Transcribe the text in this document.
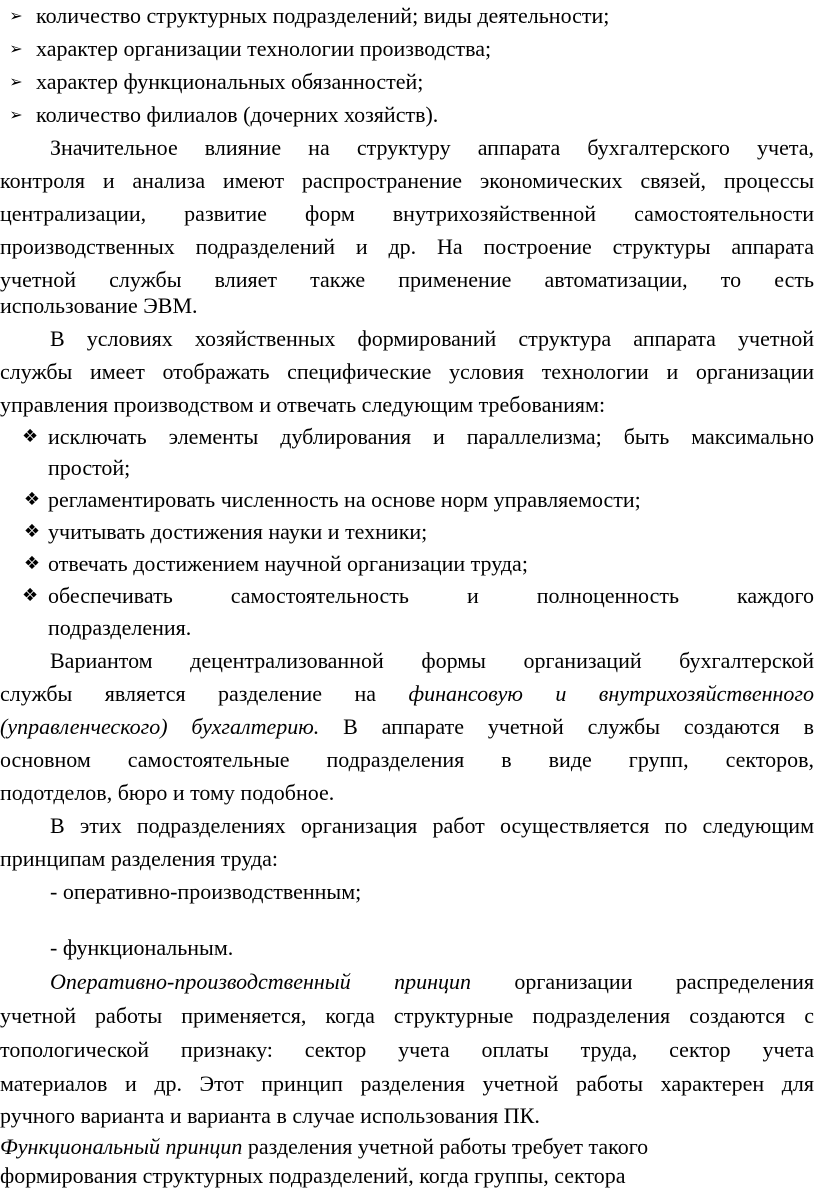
➢ количество структурных подразделений; виды деятельности;
➢ характер организации технологии производства;
➢ характер функциональных обязанностей;
➢ количество филиалов (дочерних хозяйств).
Значительное влияние на структуру аппарата бухгалтерского учета,
контроля и анализа имеют распространение экономических связей, процессы
централизации, развитие форм внутрихозяйственной самостоятельности
производственных подразделений и др. На построение структуры аппарата
учетной службы влияет также применение автоматизации, то есть
использование ЭВМ.
В условиях хозяйственных формирований структура аппарата учетной
службы имеет отображать специфические условия технологии и организации
управления производством и отвечать следующим требованиям:
❖ исключать элементы дублирования и параллелизма; быть максимально
простой;
❖ регламентировать численность на основе норм управляемости;
❖ учитывать достижения науки и техники;
❖ отвечать достижением научной организации труда;
❖ обеспечивать самостоятельность и полноценность каждого
подразделения.
Вариантом децентрализованной формы организаций бухгалтерской
службы является разделение на финансовую и внутрихозяйственного
(управленческого) бухгалтерию. В аппарате учетной службы создаются в
основном самостоятельные подразделения в виде групп, секторов,
подотделов, бюро и тому подобное.
В этих подразделениях организация работ осуществляется по следующим
принципам разделения труда:
- оперативно-производственным;
- функциональным.
Оперативно-производственный принцип организации распределения
учетной работы применяется, когда структурные подразделения создаются с
топологической признаку: сектор учета оплаты труда, сектор учета
материалов и др. Этот принцип разделения учетной работы характерен для
ручного варианта и варианта в случае использования ПК.
Функциональный принцип разделения учетной работы требует такого
формирования структурных подразделений, когда группы, сектора
